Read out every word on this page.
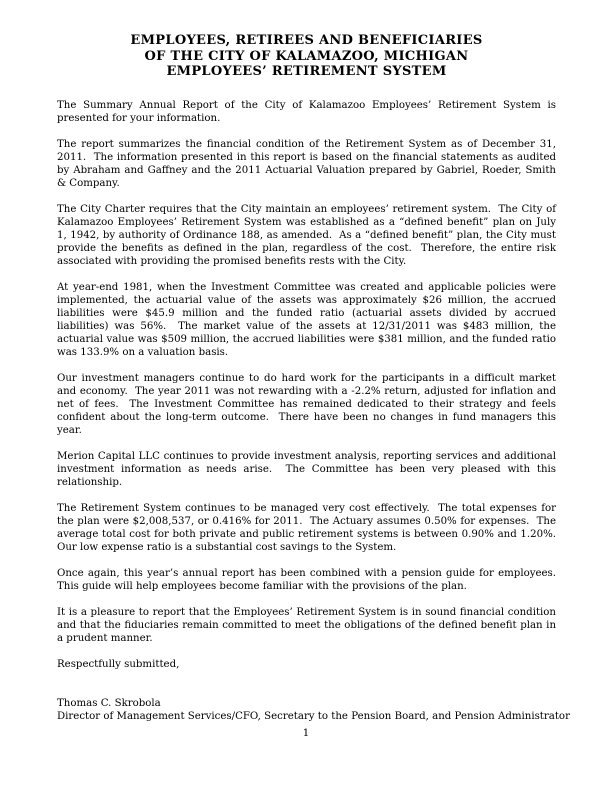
EMPLOYEES, RETIREES AND BENEFICIARIES
OF THE CITY OF KALAMAZOO, MICHIGAN
EMPLOYEES’ RETIREMENT SYSTEM

The Summary Annual Report of the City of Kalamazoo Employees’ Retirement System is presented for your information.

The report summarizes the financial condition of the Retirement System as of December 31, 2011.  The information presented in this report is based on the financial statements as audited by Abraham and Gaffney and the 2011 Actuarial Valuation prepared by Gabriel, Roeder, Smith & Company.

The City Charter requires that the City maintain an employees’ retirement system.  The City of Kalamazoo Employees’ Retirement System was established as a “defined benefit” plan on July 1, 1942, by authority of Ordinance 188, as amended.  As a “defined benefit” plan, the City must provide the benefits as defined in the plan, regardless of the cost.  Therefore, the entire risk associated with providing the promised benefits rests with the City.

At year-end 1981, when the Investment Committee was created and applicable policies were implemented, the actuarial value of the assets was approximately $26 million, the accrued liabilities were $45.9 million and the funded ratio (actuarial assets divided by accrued liabilities) was 56%.  The market value of the assets at 12/31/2011 was $483 million, the actuarial value was $509 million, the accrued liabilities were $381 million, and the funded ratio was 133.9% on a valuation basis.

Our investment managers continue to do hard work for the participants in a difficult market and economy.  The year 2011 was not rewarding with a -2.2% return, adjusted for inflation and net of fees.  The Investment Committee has remained dedicated to their strategy and feels confident about the long-term outcome.  There have been no changes in fund managers this year.

Merion Capital LLC continues to provide investment analysis, reporting services and additional investment information as needs arise.  The Committee has been very pleased with this relationship.

The Retirement System continues to be managed very cost effectively.  The total expenses for the plan were $2,008,537, or 0.416% for 2011.  The Actuary assumes 0.50% for expenses.  The average total cost for both private and public retirement systems is between 0.90% and 1.20%.  Our low expense ratio is a substantial cost savings to the System.

Once again, this year’s annual report has been combined with a pension guide for employees.  This guide will help employees become familiar with the provisions of the plan.

It is a pleasure to report that the Employees’ Retirement System is in sound financial condition and that the fiduciaries remain committed to meet the obligations of the defined benefit plan in a prudent manner.

Respectfully submitted,

Thomas C. Skrobola
Director of Management Services/CFO, Secretary to the Pension Board, and Pension Administrator
1
